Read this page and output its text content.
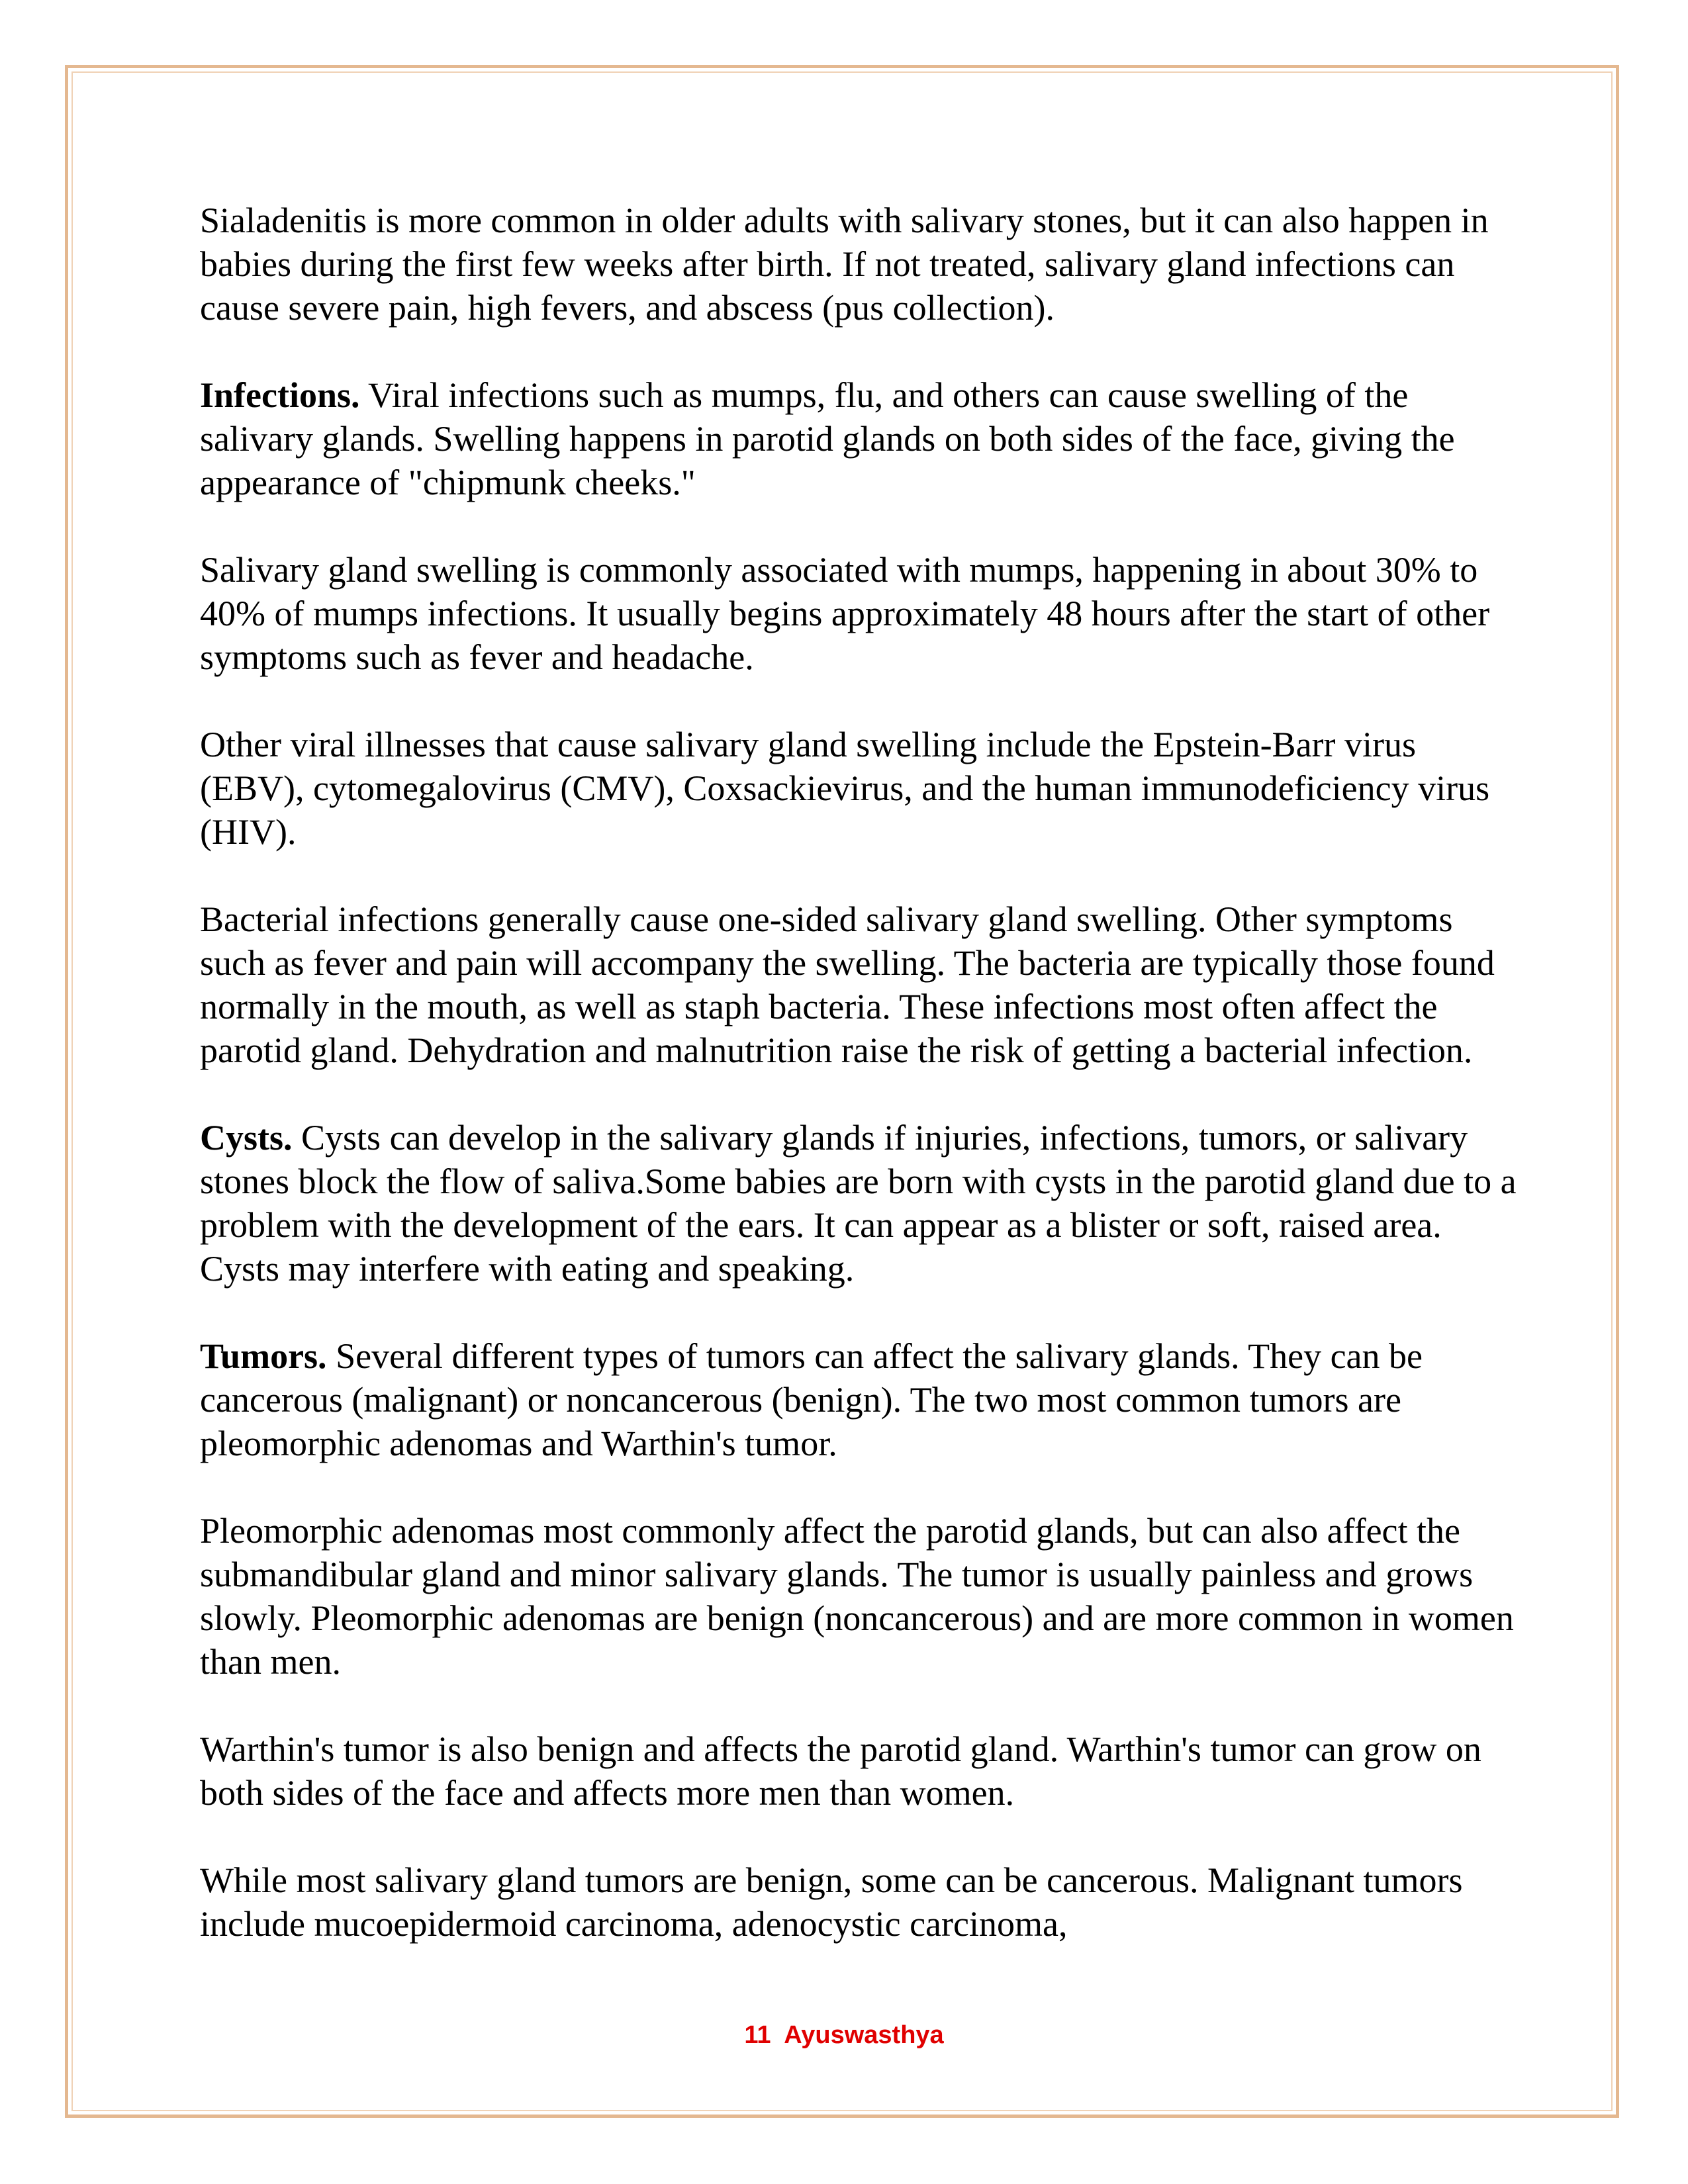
Sialadenitis is more common in older adults with salivary stones, but it can also happen in babies during the first few weeks after birth. If not treated, salivary gland infections can cause severe pain, high fevers, and abscess (pus collection).

Infections. Viral infections such as mumps, flu, and others can cause swelling of the salivary glands. Swelling happens in parotid glands on both sides of the face, giving the appearance of "chipmunk cheeks."

Salivary gland swelling is commonly associated with mumps, happening in about 30% to 40% of mumps infections. It usually begins approximately 48 hours after the start of other symptoms such as fever and headache.

Other viral illnesses that cause salivary gland swelling include the Epstein-Barr virus (EBV), cytomegalovirus (CMV), Coxsackievirus, and the human immunodeficiency virus (HIV).

Bacterial infections generally cause one-sided salivary gland swelling. Other symptoms such as fever and pain will accompany the swelling. The bacteria are typically those found normally in the mouth, as well as staph bacteria. These infections most often affect the parotid gland. Dehydration and malnutrition raise the risk of getting a bacterial infection.

Cysts. Cysts can develop in the salivary glands if injuries, infections, tumors, or salivary stones block the flow of saliva.Some babies are born with cysts in the parotid gland due to a problem with the development of the ears. It can appear as a blister or soft, raised area. Cysts may interfere with eating and speaking.

Tumors. Several different types of tumors can affect the salivary glands. They can be cancerous (malignant) or noncancerous (benign). The two most common tumors are pleomorphic adenomas and Warthin's tumor.

Pleomorphic adenomas most commonly affect the parotid glands, but can also affect the submandibular gland and minor salivary glands. The tumor is usually painless and grows slowly. Pleomorphic adenomas are benign (noncancerous) and are more common in women than men.

Warthin's tumor is also benign and affects the parotid gland. Warthin's tumor can grow on both sides of the face and affects more men than women.

While most salivary gland tumors are benign, some can be cancerous. Malignant tumors include mucoepidermoid carcinoma, adenocystic carcinoma,

11 Ayuswasthya
